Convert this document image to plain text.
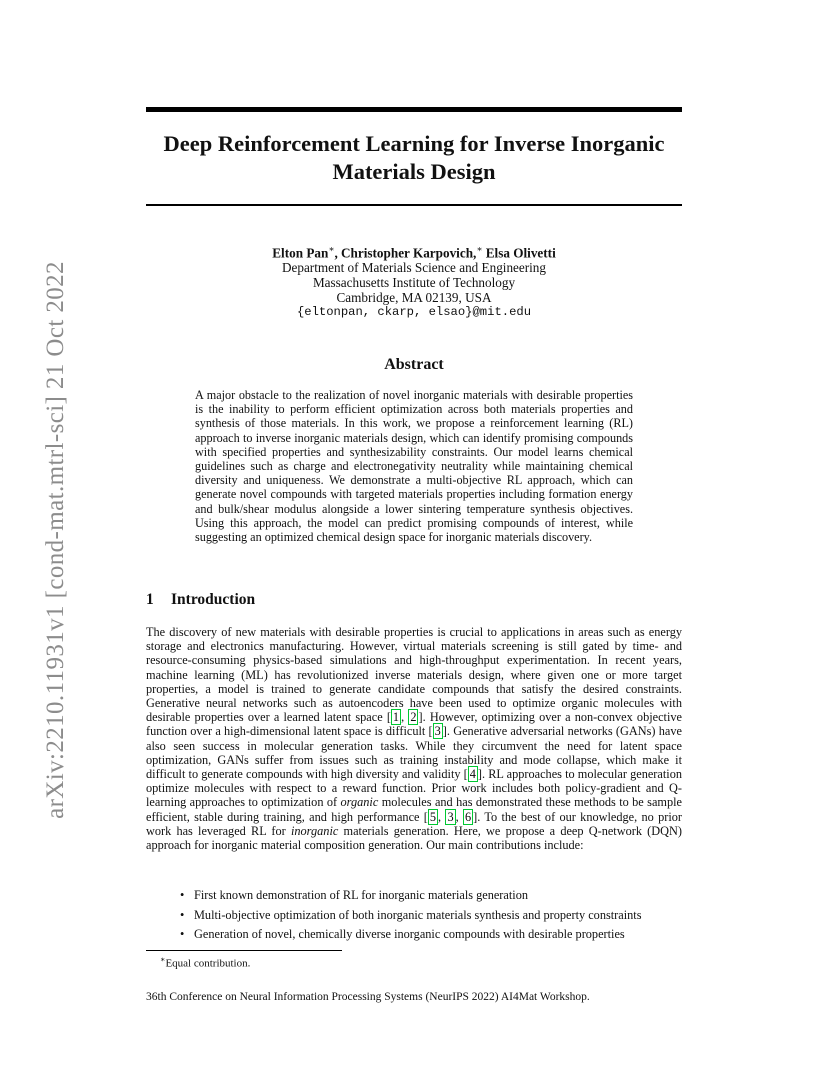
arXiv:2210.11931v1 [cond-mat.mtrl-sci] 21 Oct 2022
Deep Reinforcement Learning for Inverse Inorganic
Materials Design
Elton Pan∗, Christopher Karpovich,∗ Elsa Olivetti
Department of Materials Science and Engineering
Massachusetts Institute of Technology
Cambridge, MA 02139, USA
{eltonpan, ckarp, elsao}@mit.edu
Abstract

A major obstacle to the realization of novel inorganic materials with desirable properties is the inability to perform efficient optimization across both materials properties and synthesis of those materials. In this work, we propose a reinforcement learning (RL) approach to inverse inorganic materials design, which can identify promising compounds with specified properties and synthesizability constraints. Our model learns chemical guidelines such as charge and electronegativity neutrality while maintaining chemical diversity and uniqueness. We demonstrate a multi-objective RL approach, which can generate novel compounds with targeted materials properties including formation energy and bulk/shear modulus alongside a lower sintering temperature synthesis objectives. Using this approach, the model can predict promising compounds of interest, while suggesting an optimized chemical design space for inorganic materials discovery.

1 Introduction

The discovery of new materials with desirable properties is crucial to applications in areas such as energy storage and electronics manufacturing. However, virtual materials screening is still gated by time- and resource-consuming physics-based simulations and high-throughput experimentation. In recent years, machine learning (ML) has revolutionized inverse materials design, where given one or more target properties, a model is trained to generate candidate compounds that satisfy the desired constraints. Generative neural networks such as autoencoders have been used to optimize organic molecules with desirable properties over a learned latent space [ 1 , 2 ]. However, optimizing over a non-convex objective function over a high-dimensional latent space is difficult [ 3 ]. Generative adversarial networks (GANs) have also seen success in molecular generation tasks. While they circumvent the need for latent space optimization, GANs suffer from issues such as training instability and mode collapse, which make it difficult to generate compounds with high diversity and validity [ 4 ]. RL approaches to molecular generation optimize molecules with respect to a reward function. Prior work includes both policy-gradient and Q-learning approaches to optimization of organic molecules and has demonstrated these methods to be sample efficient, stable during training, and high performance [ 5 , 3 , 6 ]. To the best of our knowledge, no prior work has leveraged RL for inorganic materials generation. Here, we propose a deep Q-network (DQN) approach for inorganic material composition generation. Our main contributions include:

• First known demonstration of RL for inorganic materials generation
• Multi-objective optimization of both inorganic materials synthesis and property constraints
• Generation of novel, chemically diverse inorganic compounds with desirable properties

∗Equal contribution.

36th Conference on Neural Information Processing Systems (NeurIPS 2022) AI4Mat Workshop.
